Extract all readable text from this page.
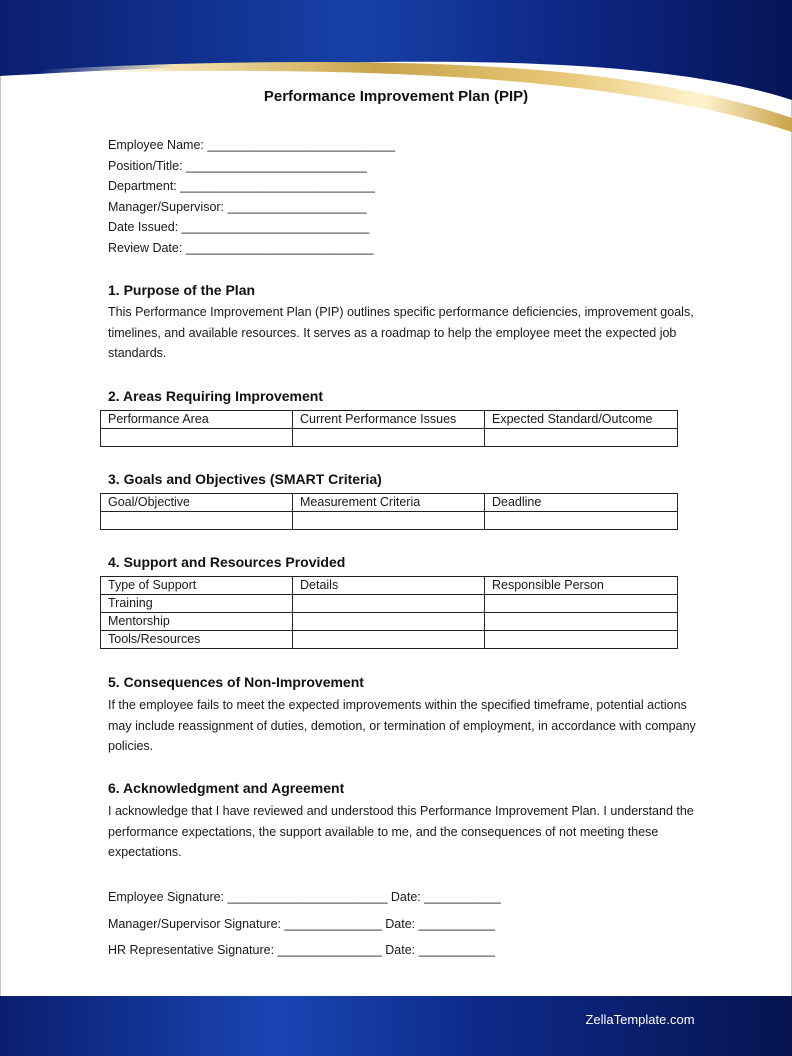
Performance Improvement Plan (PIP)
Employee Name: ___________________________
Position/Title: __________________________
Department: ____________________________
Manager/Supervisor: ____________________
Date Issued: ___________________________
Review Date: ___________________________
1. Purpose of the Plan
This Performance Improvement Plan (PIP) outlines specific performance deficiencies, improvement goals, timelines, and available resources. It serves as a roadmap to help the employee meet the expected job standards.
2. Areas Requiring Improvement
Performance Area	Current Performance Issues	Expected Standard/Outcome

3. Goals and Objectives (SMART Criteria)
Goal/Objective	Measurement Criteria	Deadline

4. Support and Resources Provided
Type of Support	Details	Responsible Person
Training		
Mentorship		
Tools/Resources		
5. Consequences of Non-Improvement
If the employee fails to meet the expected improvements within the specified timeframe, potential actions may include reassignment of duties, demotion, or termination of employment, in accordance with company policies.
6. Acknowledgment and Agreement
I acknowledge that I have reviewed and understood this Performance Improvement Plan. I understand the performance expectations, the support available to me, and the consequences of not meeting these expectations.
Employee Signature: _______________________ Date: ___________
Manager/Supervisor Signature: ______________ Date: ___________
HR Representative Signature: _______________ Date: ___________
ZellaTemplate.com
